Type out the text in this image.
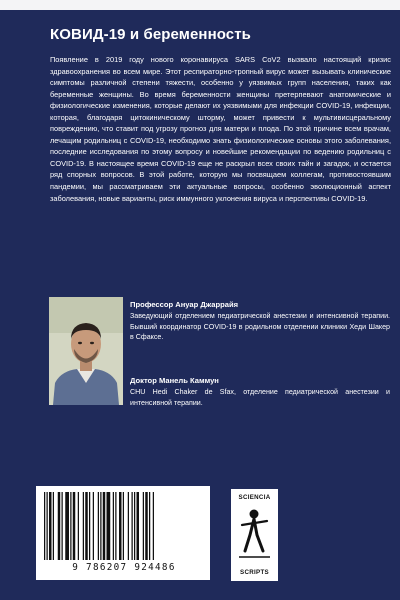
КОВИД-19 и беременность

Появление в 2019 году нового коронавируса SARS CoV2 вызвало настоящий кризис здравоохранения во всем мире. Этот респираторно-тропный вирус может вызывать клинические симптомы различной степени тяжести, особенно у уязвимых групп населения, таких как беременные женщины. Во время беременности женщины претерпевают анатомические и физиологические изменения, которые делают их уязвимыми для инфекции COVID-19, инфекции, которая, благодаря цитокиническому шторму, может привести к мультивисцеральному повреждению, что ставит под угрозу прогноз для матери и плода. По этой причине всем врачам, лечащим родильниц с COVID-19, необходимо знать физиологические основы этого заболевания, последние исследования по этому вопросу и новейшие рекомендации по ведению родильниц с COVID-19. В настоящее время COVID-19 еще не раскрыл всех своих тайн и загадок, и остается ряд спорных вопросов. В этой работе, которую мы посвящаем коллегам, противостоявшим пандемии, мы рассматриваем эти актуальные вопросы, особенно эволюционный аспект заболевания, новые варианты, риск иммунного уклонения вируса и перспективы COVID-19.

Профессор Ануар Джаррайя

Заведующий отделением педиатрической анестезии и интенсивной терапии. Бывший координатор COVID-19 в родильном отделении клиники Хеди Шакер в Сфаксе.

Доктор Манель Каммун

CHU Hedi Chaker de Sfax, отделение педиатрической анестезии и интенсивной терапии.

9 786207 924486
SCIENCIA
SCRIPTS
